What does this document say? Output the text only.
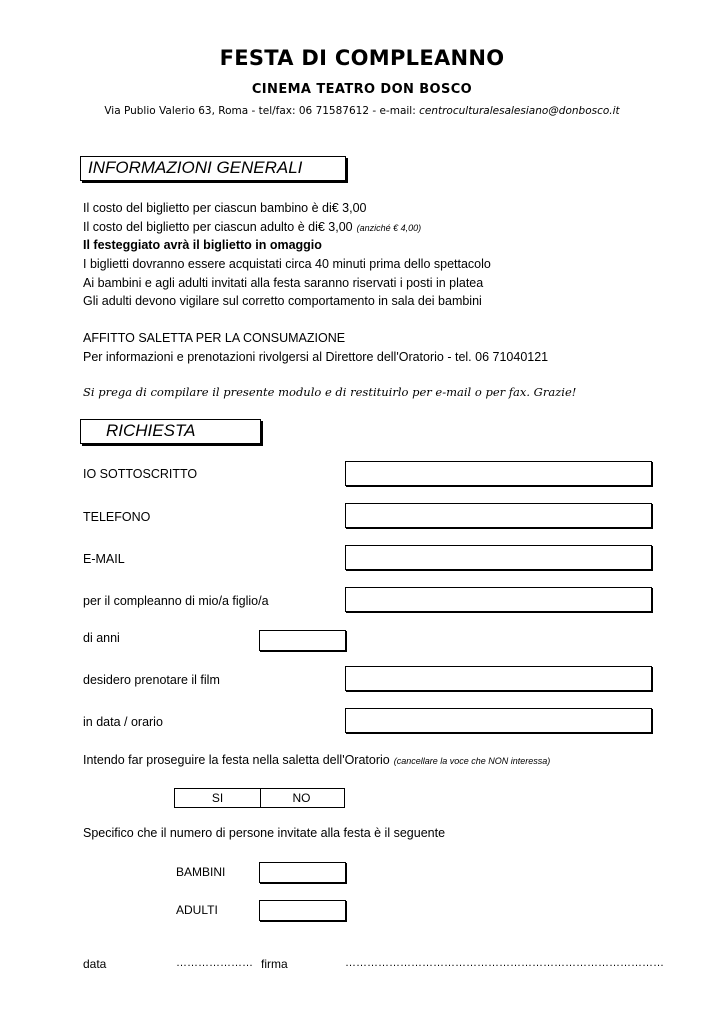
FESTA DI COMPLEANNO
CINEMA TEATRO DON BOSCO
Via Publio Valerio 63, Roma - tel/fax: 06 71587612 - e-mail: centroculturalesalesiano@donbosco.it
INFORMAZIONI GENERALI
Il costo del biglietto per ciascun bambino è di€ 3,00
Il costo del biglietto per ciascun adulto è di€ 3,00 (anziché € 4,00)
Il festeggiato avrà il biglietto in omaggio
I biglietti dovranno essere acquistati circa 40 minuti prima dello spettacolo
Ai bambini e agli adulti invitati alla festa saranno riservati i posti in platea
Gli adulti devono vigilare sul corretto comportamento in sala dei bambini
AFFITTO SALETTA PER LA CONSUMAZIONE
Per informazioni e prenotazioni rivolgersi al Direttore dell'Oratorio - tel. 06 71040121
Si prega di compilare il presente modulo e di restituirlo per e-mail o per fax. Grazie!
RICHIESTA
IO SOTTOSCRITTO
TELEFONO
E-MAIL
per il compleanno di mio/a figlio/a
di anni
desidero prenotare il film
in data / orario
Intendo far proseguire la festa nella saletta dell'Oratorio (cancellare la voce che NON interessa)
SI	NO
Specifico che il numero di persone invitate alla festa è il seguente
BAMBINI
ADULTI
data	………………… firma	……………………………………………………………………………
